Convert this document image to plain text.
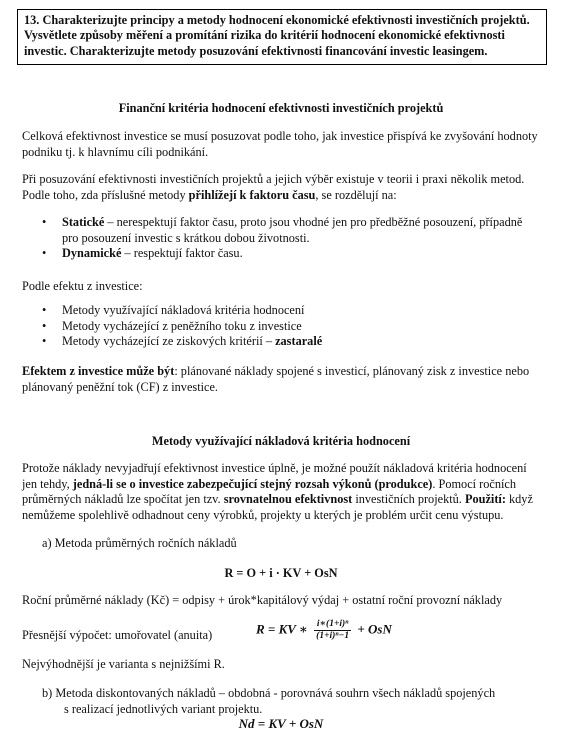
13. Charakterizujte principy a metody hodnocení ekonomické efektivnosti investičních projektů.
Vysvětlete způsoby měření a promítání rizika do kritérií hodnocení ekonomické efektivnosti
investic. Charakterizujte metody posuzování efektivnosti financování investic leasingem.
Finanční kritéria hodnocení efektivnosti investičních projektů
Celková efektivnost investice se musí posuzovat podle toho, jak investice přispívá ke zvyšování hodnoty
podniku tj. k hlavnímu cíli podnikání.
Při posuzování efektivnosti investičních projektů a jejich výběr existuje v teorii i praxi několik metod.
Podle toho, zda příslušné metody přihlížejí k faktoru času, se rozdělují na:
• Statické – nerespektují faktor času, proto jsou vhodné jen pro předběžné posouzení, případně
pro posouzení investic s krátkou dobou životnosti.
• Dynamické – respektují faktor času.
Podle efektu z investice:
• Metody využívající nákladová kritéria hodnocení
• Metody vycházející z peněžního toku z investice
• Metody vycházející ze ziskových kritérií – zastaralé
Efektem z investice může být: plánované náklady spojené s investicí, plánovaný zisk z investice nebo
plánovaný peněžní tok (CF) z investice.
Metody využívající nákladová kritéria hodnocení
Protože náklady nevyjadřují efektivnost investice úplně, je možné použít nákladová kritéria hodnocení
jen tehdy, jedná-li se o investice zabezpečující stejný rozsah výkonů (produkce). Pomocí ročních
průměrných nákladů lze spočítat jen tzv. srovnatelnou efektivnost investičních projektů. Použití: když
nemůžeme spolehlivě odhadnout ceny výrobků, projekty u kterých je problém určit cenu výstupu.
a) Metoda průměrných ročních nákladů
R = O + i · KV + OsN
Roční průměrné náklady (Kč) = odpisy + úrok*kapitálový výdaj + ostatní roční provozní náklady
Přesnější výpočet: umořovatel (anuita)	R = KV ∗ $\frac{\text{i∗(1+i)ⁿ}}{\text{(1+i)ⁿ−1}}$ + OsN
Nejvýhodnější je varianta s nejnižšími R.
b) Metoda diskontovaných nákladů – obdobná - porovnává souhrn všech nákladů spojených
s realizací jednotlivých variant projektu.
Nd = KV + OsN
